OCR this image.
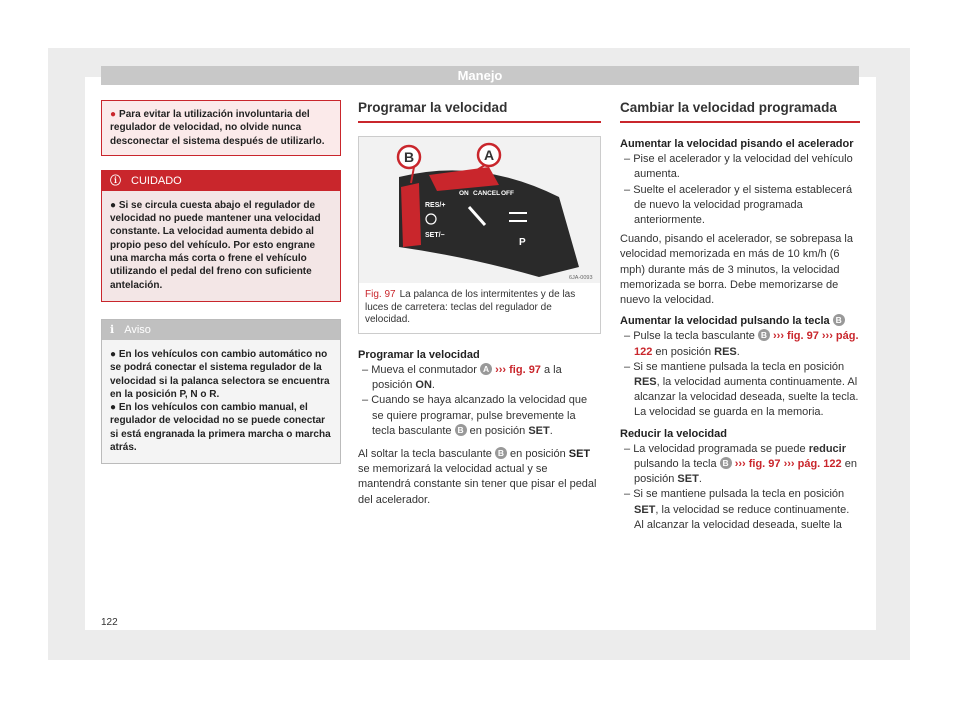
Manejo
● Para evitar la utilización involuntaria del regulador de velocidad, no olvide nunca desconectar el sistema después de utilizarlo.
ⓘ CUIDADO
● Si se circula cuesta abajo el regulador de velocidad no puede mantener una velocidad constante. La velocidad aumenta debido al propio peso del vehículo. Por esto engrane una marcha más corta o frene el vehículo utilizando el pedal del freno con suficiente antelación.
ℹ Aviso
● En los vehículos con cambio automático no se podrá conectar el sistema regulador de la velocidad si la palanca selectora se encuentra en la posición P, N o R.
● En los vehículos con cambio manual, el regulador de velocidad no se puede conectar si está engranada la primera marcha o marcha atrás.
Programar la velocidad
B	A
ON CANCEL OFF
RES/+
SET/−
P
6JA-0093
Fig. 97 La palanca de los intermitentes y de las luces de carretera: teclas del regulador de velocidad.
Programar la velocidad
– Mueva el conmutador A ››› fig. 97 a la posición ON.
– Cuando se haya alcanzado la velocidad que se quiere programar, pulse brevemente la tecla basculante B en posición SET.
Al soltar la tecla basculante B en posición SET se memorizará la velocidad actual y se mantendrá constante sin tener que pisar el pedal del acelerador.
Cambiar la velocidad programada
Aumentar la velocidad pisando el acelerador
– Pise el acelerador y la velocidad del vehículo aumenta.
– Suelte el acelerador y el sistema establecerá de nuevo la velocidad programada anteriormente.
Cuando, pisando el acelerador, se sobrepasa la velocidad memorizada en más de 10 km/h (6 mph) durante más de 3 minutos, la velocidad memorizada se borra. Debe memorizarse de nuevo la velocidad.
Aumentar la velocidad pulsando la tecla B
– Pulse la tecla basculante B ››› fig. 97 ››› pág. 122 en posición RES.
– Si se mantiene pulsada la tecla en posición RES, la velocidad aumenta continuamente. Al alcanzar la velocidad deseada, suelte la tecla. La velocidad se guarda en la memoria.
Reducir la velocidad
– La velocidad programada se puede reducir pulsando la tecla B ››› fig. 97 ››› pág. 122 en posición SET.
– Si se mantiene pulsada la tecla en posición SET, la velocidad se reduce continuamente. Al alcanzar la velocidad deseada, suelte la
122
